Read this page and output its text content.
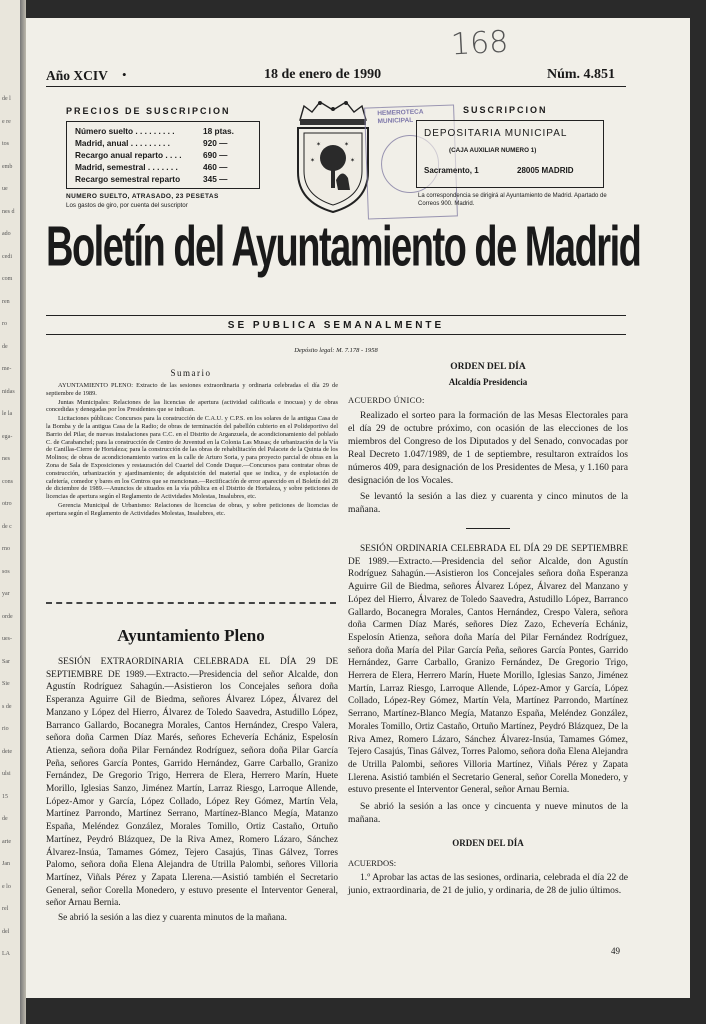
de l
e re
tos
emb
ue
nes d
ado
cedi
com
ren
ro
de
me-
nidas
le la
ega-
nes
cons
otro
de c
rno
sos
yar
orde
ues-
Sar
Sie
s de
rio
dete
ulsi
15
de
arte
Jan
e lo
rel
del
LA
168
Año XCIV •	18 de enero de 1990	Núm. 4.851
PRECIOS DE SUSCRIPCION
Número suelto . . . . . . . . .	18 ptas.
Madrid, anual . . . . . . . . .	920 —
Recargo anual reparto . . . .	690 —
Madrid, semestral . . . . . . .	460 —
Recargo semestral reparto	345 —
NUMERO SUELTO, ATRASADO, 23 PESETAS
Los gastos de giro, por cuenta del suscriptor
✶	✶
✶	✶
HEMEROTECA MUNICIPAL
SUSCRIPCION
DEPOSITARIA MUNICIPAL
(CAJA AUXILIAR NUMERO 1)
Sacramento, 1	28005 MADRID
La correspondencia se dirigirá al Ayuntamiento de Madrid. Apartado de Correos 900. Madrid.
Boletín del Ayuntamiento de Madrid
SE PUBLICA SEMANALMENTE
Depósito legal: M. 7.178 - 1958
Sumario

AYUNTAMIENTO PLENO: Extracto de las sesiones extraordinaria y ordinaria celebradas el día 29 de septiembre de 1989.

Juntas Municipales: Relaciones de las licencias de apertura (actividad calificada e inocuas) y de obras concedidas y denegadas por los Presidentes que se indican.

Licitaciones públicas: Concursos para la construcción de C.A.U. y C.P.S. en los solares de la antigua Casa de la Bomba y de la antigua Casa de la Radio; de obras de terminación del pabellón cubierto en el Polideportivo del Barrio del Pilar, de nuevas instalaciones para C.C. en el Distrito de Arganzuela, de acondicionamiento del poblado C. de Carabanchel; para la construcción de Centro de Juventud en la Colonia Las Musas; de urbanización de la Vía de Canillas-Cierre de Hortaleza; para la construcción de las obras de rehabilitación del Palacete de la Quinta de los Molinos; de obras de acondicionamiento varios en la calle de Arturo Soria, y para proyecto parcial de obras en la Zona de Sala de Exposiciones y restauración del Cuartel del Conde Duque.—Concursos para contratar obras de construcción, urbanización y ajardinamiento; de adquisición del material que se indica, y de explotación de cafetería, comedor y bares en los Centros que se mencionan.—Rectificación de error aparecido en el Boletín del 28 de diciembre de 1989.—Anuncios de situados en la vía pública en el Distrito de Hortaleza, y sobre peticiones de licencias de apertura según el Reglamento de Actividades Molestas, Insalubres, etc.

Gerencia Municipal de Urbanismo: Relaciones de licencias de obras, y sobre peticiones de licencias de apertura según el Reglamento de Actividades Molestas, Insalubres, etc.

Ayuntamiento Pleno

SESIÓN EXTRAORDINARIA CELEBRADA EL DÍA 29 DE SEPTIEMBRE DE 1989.—Extracto.—Presidencia del señor Alcalde, don Agustín Rodríguez Sahagún.—Asistieron los Concejales señora doña Esperanza Aguirre Gil de Biedma, señores Álvarez López, Álvarez del Manzano y López del Hierro, Álvarez de Toledo Saavedra, Astudillo López, Barranco Gallardo, Bocanegra Morales, Cantos Hernández, Crespo Valera, señora doña Carmen Díaz Marés, señores Echevería Echániz, Espelosín Atienza, señora doña Pilar Fernández Rodríguez, señora doña Pilar García Peña, señores García Pontes, Garrido Hernández, Garre Carballo, Granizo Fernández, De Gregorio Trigo, Herrera de Elera, Herrero Marín, Huete Morillo, Iglesias Sanzo, Jiménez Martín, Larraz Riesgo, Larroque Allende, López-Amor y García, López Collado, López Rey Gómez, Martín Vela, Martínez Parrondo, Martínez Serrano, Martínez-Blanco Megía, Matanzo España, Meléndez González, Morales Tomillo, Ortiz Castaño, Ortuño Martínez, Peydró Blázquez, De la Riva Amez, Romero Lázaro, Sánchez Álvarez-Insúa, Tamames Gómez, Tejero Casajús, Tinas Gálvez, Torres Palomo, señora doña Elena Alejandra de Utrilla Palombi, señores Villoria Martínez, Viñals Pérez y Zapata Llerena.—Asistió también el Secretario General, señor Corella Monedero, y estuvo presente el Interventor General, señor Arnau Bernia.

Se abrió la sesión a las diez y cuarenta minutos de la mañana.

ORDEN DEL DÍA
Alcaldía Presidencia
ACUERDO ÚNICO:

Realizado el sorteo para la formación de las Mesas Electorales para el día 29 de octubre próximo, con ocasión de las elecciones de los miembros del Congreso de los Diputados y del Senado, convocadas por Real Decreto 1.047/1989, de 1 de septiembre, resultaron extraídos los números 409, para designación de los Presidentes de Mesa, y 1.160 para designación de los Vocales.

Se levantó la sesión a las diez y cuarenta y cinco minutos de la mañana.

SESIÓN ORDINARIA CELEBRADA EL DÍA 29 DE SEPTIEMBRE DE 1989.—Extracto.—Presidencia del señor Alcalde, don Agustín Rodríguez Sahagún.—Asistieron los Concejales señora doña Esperanza Aguirre Gil de Biedma, señores Álvarez López, Álvarez del Manzano y López del Hierro, Álvarez de Toledo Saavedra, Astudillo López, Barranco Gallardo, Bocanegra Morales, Cantos Hernández, Crespo Valera, señora doña Carmen Díaz Marés, señores Díez Zazo, Echevería Echániz, Espelosín Atienza, señora doña María del Pilar Fernández Rodríguez, señora doña María del Pilar García Peña, señores García Pontes, Garrido Hernández, Garre Carballo, Granizo Fernández, De Gregorio Trigo, Herrera de Elera, Herrero Marín, Huete Morillo, Iglesias Sanzo, Jiménez Martín, Larraz Riesgo, Larroque Allende, López-Amor y García, López Collado, López-Rey Gómez, Martín Vela, Martínez Parrondo, Martínez Serrano, Martínez-Blanco Megía, Matanzo España, Meléndez González, Morales Tomillo, Ortiz Castaño, Ortuño Martínez, Peydró Blázquez, De la Riva Amez, Romero Lázaro, Sánchez Álvarez-Insúa, Tamames Gómez, Tejero Casajús, Tinas Gálvez, Torres Palomo, señora doña Elena Alejandra de Utrilla Palombi, señores Villoria Martínez, Viñals Pérez y Zapata Llerena. Asistió también el Secretario General, señor Corella Monedero, y estuvo presente el Interventor General, señor Arnau Bernia.

Se abrió la sesión a las once y cincuenta y nueve minutos de la mañana.

ORDEN DEL DÍA
ACUERDOS:

1.º Aprobar las actas de las sesiones, ordinaria, celebrada el día 22 de junio, extraordinaria, de 21 de julio, y ordinaria, de 28 de julio últimos.

49
